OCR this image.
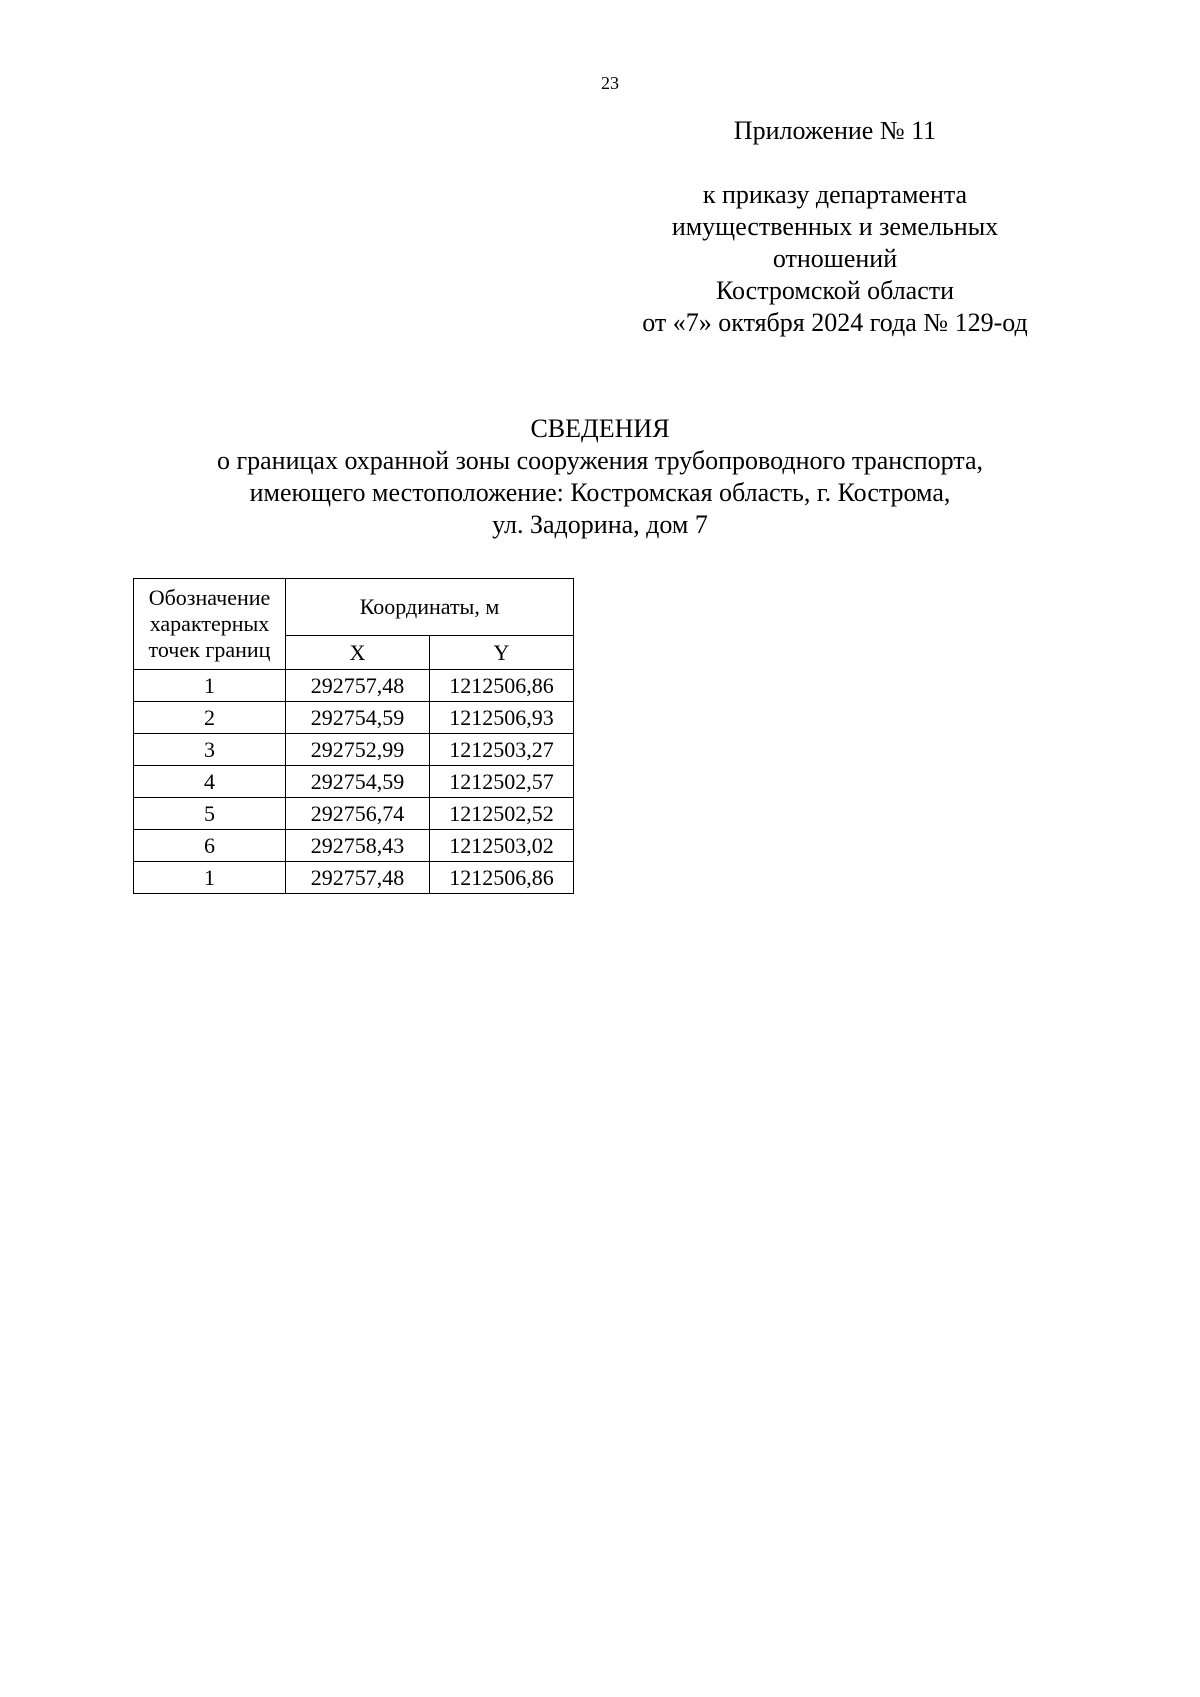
23
Приложение № 11
к приказу департамента
имущественных и земельных
отношений
Костромской области
от «7» октября 2024 года № 129-од
СВЕДЕНИЯ
о границах охранной зоны сооружения трубопроводного транспорта,
имеющего местоположение: Костромская область, г. Кострома,
ул. Задорина, дом 7
Обозначение
характерных
точек границ	Координаты, м	
	X	Y
1	292757,48	1212506,86
2	292754,59	1212506,93
3	292752,99	1212503,27
4	292754,59	1212502,57
5	292756,74	1212502,52
6	292758,43	1212503,02
1	292757,48	1212506,86
